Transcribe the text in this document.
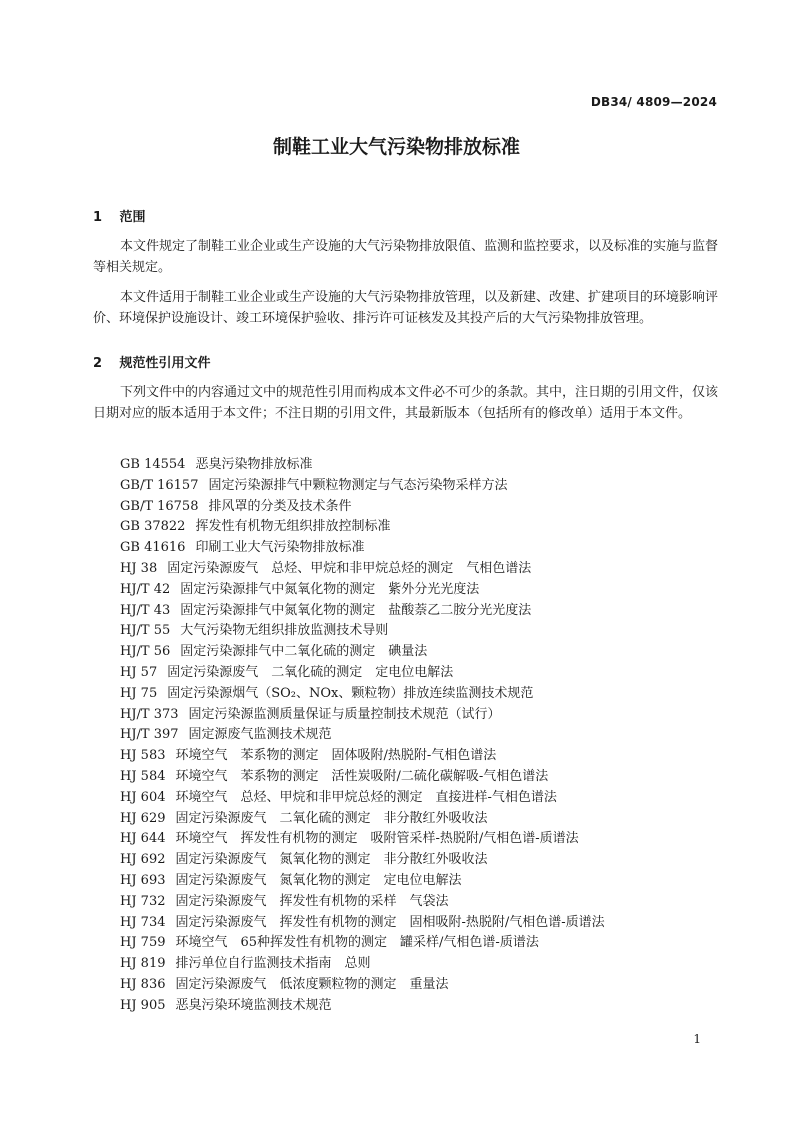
DB34/ 4809—2024
制鞋工业大气污染物排放标准
1 范围

本文件规定了制鞋工业企业或生产设施的大气污染物排放限值、监测和监控要求，以及标准的实施与监督等相关规定。

本文件适用于制鞋工业企业或生产设施的大气污染物排放管理，以及新建、改建、扩建项目的环境影响评价、环境保护设施设计、竣工环境保护验收、排污许可证核发及其投产后的大气污染物排放管理。

2 规范性引用文件

下列文件中的内容通过文中的规范性引用而构成本文件必不可少的条款。其中，注日期的引用文件，仅该日期对应的版本适用于本文件；不注日期的引用文件，其最新版本（包括所有的修改单）适用于本文件。

GB 14554 恶臭污染物排放标准
GB/T 16157 固定污染源排气中颗粒物测定与气态污染物采样方法
GB/T 16758 排风罩的分类及技术条件
GB 37822 挥发性有机物无组织排放控制标准
GB 41616 印刷工业大气污染物排放标准
HJ 38 固定污染源废气　总烃、甲烷和非甲烷总烃的测定　气相色谱法
HJ/T 42 固定污染源排气中氮氧化物的测定　紫外分光光度法
HJ/T 43 固定污染源排气中氮氧化物的测定　盐酸萘乙二胺分光光度法
HJ/T 55 大气污染物无组织排放监测技术导则
HJ/T 56 固定污染源排气中二氧化硫的测定　碘量法
HJ 57 固定污染源废气　二氧化硫的测定　定电位电解法
HJ 75 固定污染源烟气（SO₂、NOx、颗粒物）排放连续监测技术规范
HJ/T 373 固定污染源监测质量保证与质量控制技术规范（试行）
HJ/T 397 固定源废气监测技术规范
HJ 583 环境空气　苯系物的测定　固体吸附/热脱附-气相色谱法
HJ 584 环境空气　苯系物的测定　活性炭吸附/二硫化碳解吸-气相色谱法
HJ 604 环境空气　总烃、甲烷和非甲烷总烃的测定　直接进样-气相色谱法
HJ 629 固定污染源废气　二氧化硫的测定　非分散红外吸收法
HJ 644 环境空气　挥发性有机物的测定　吸附管采样-热脱附/气相色谱-质谱法
HJ 692 固定污染源废气　氮氧化物的测定　非分散红外吸收法
HJ 693 固定污染源废气　氮氧化物的测定　定电位电解法
HJ 732 固定污染源废气　挥发性有机物的采样　气袋法
HJ 734 固定污染源废气　挥发性有机物的测定　固相吸附-热脱附/气相色谱-质谱法
HJ 759 环境空气　65种挥发性有机物的测定　罐采样/气相色谱-质谱法
HJ 819 排污单位自行监测技术指南　总则
HJ 836 固定污染源废气　低浓度颗粒物的测定　重量法
HJ 905 恶臭污染环境监测技术规范
1
